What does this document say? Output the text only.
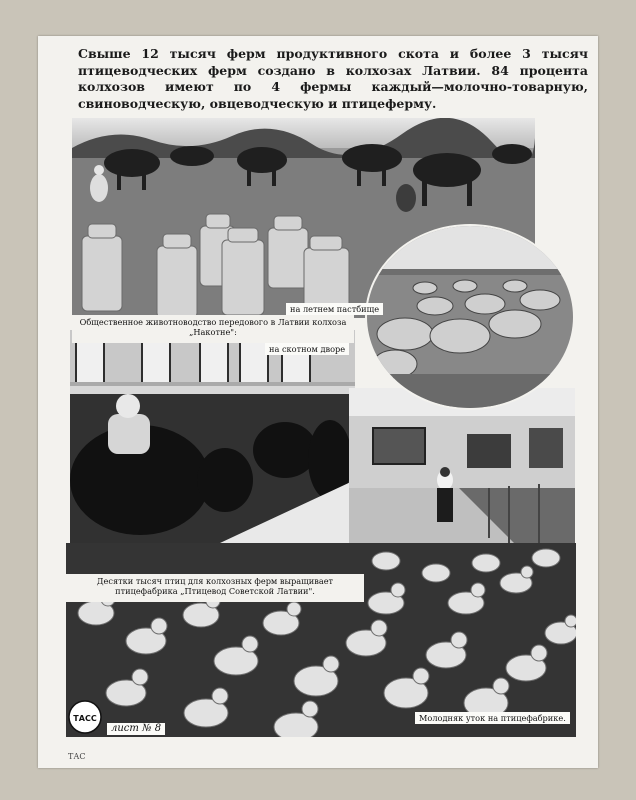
Свыше 12 тысяч ферм продуктивного скота и более 3 тысяч птицеводческих ферм создано в колхозах Латвии. 84 процента колхозов имеют по 4 фермы каждый—молочно-товарную, свиноводческую, овцеводческую и птицеферму.

на летнем пастбище
Общественное животноводство передового в Латвии колхоза „Накотне":
на скотном дворе
Десятки тысяч птиц для колхозных ферм выращивает птицефабрика „Птицевод Советской Латвии".
Молодняк уток на птицефабрике.
ТАСС
лист № 8
ТАС
